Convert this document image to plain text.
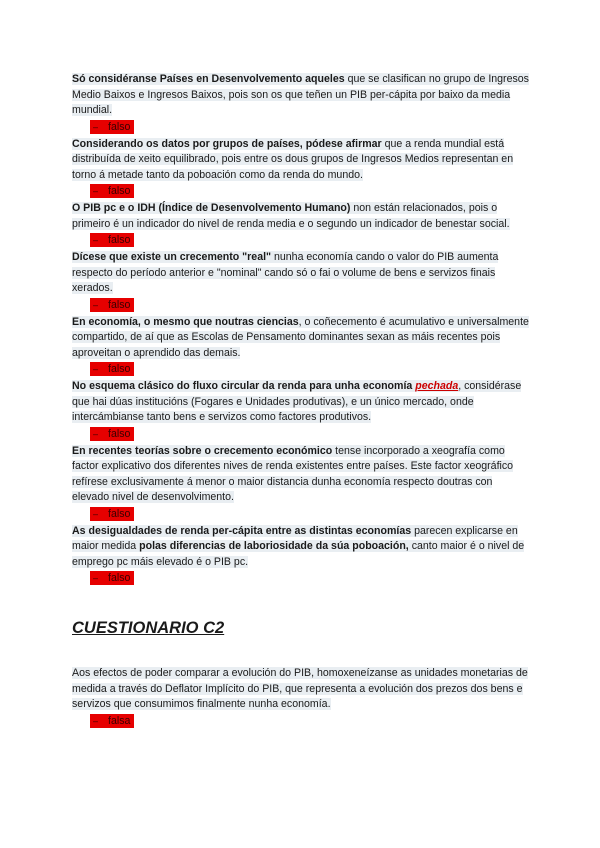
Só considéranse Países en Desenvolvemento aqueles que se clasifican no grupo de Ingresos Medio Baixos e Ingresos Baixos, pois son os que teñen un PIB per-cápita por baixo da media mundial.

– falso

Considerando os datos por grupos de países, pódese afirmar que a renda mundial está distribuída de xeito equilibrado, pois entre os dous grupos de Ingresos Medios representan en torno á metade tanto da poboación como da renda do mundo.

– falso

O PIB pc e o IDH (Índice de Desenvolvemento Humano) non están relacionados, pois o primeiro é un indicador do nivel de renda media e o segundo un indicador de benestar social.

– falso

Dícese que existe un crecemento "real" nunha economía cando o valor do PIB aumenta respecto do período anterior e "nominal" cando só o fai o volume de bens e servizos finais xerados.

– falso

En economía, o mesmo que noutras ciencias, o coñecemento é acumulativo e universalmente compartido, de aí que as Escolas de Pensamento dominantes sexan as máis recentes pois aproveitan o aprendido das demais.

– falso

No esquema clásico do fluxo circular da renda para unha economía pechada, considérase que hai dúas institucións (Fogares e Unidades produtivas), e un único mercado, onde intercámbianse tanto bens e servizos como factores produtivos.

– falso

En recentes teorías sobre o crecemento económico tense incorporado a xeografía como factor explicativo dos diferentes nives de renda existentes entre países. Este factor xeográfico refírese exclusivamente á menor o maior distancia dunha economía respecto doutras con elevado nivel de desenvolvimento.

– falso

As desigualdades de renda per-cápita entre as distintas economías parecen explicarse en maior medida polas diferencias de laboriosidade da súa poboación, canto maior é o nivel de emprego pc máis elevado é o PIB pc.

– falso
CUESTIONARIO C2

Aos efectos de poder comparar a evolución do PIB, homoxeneízanse as unidades monetarias de medida a través do Deflator Implícito do PIB, que representa a evolución dos prezos dos bens e servizos que consumimos finalmente nunha economía.

– falsa
